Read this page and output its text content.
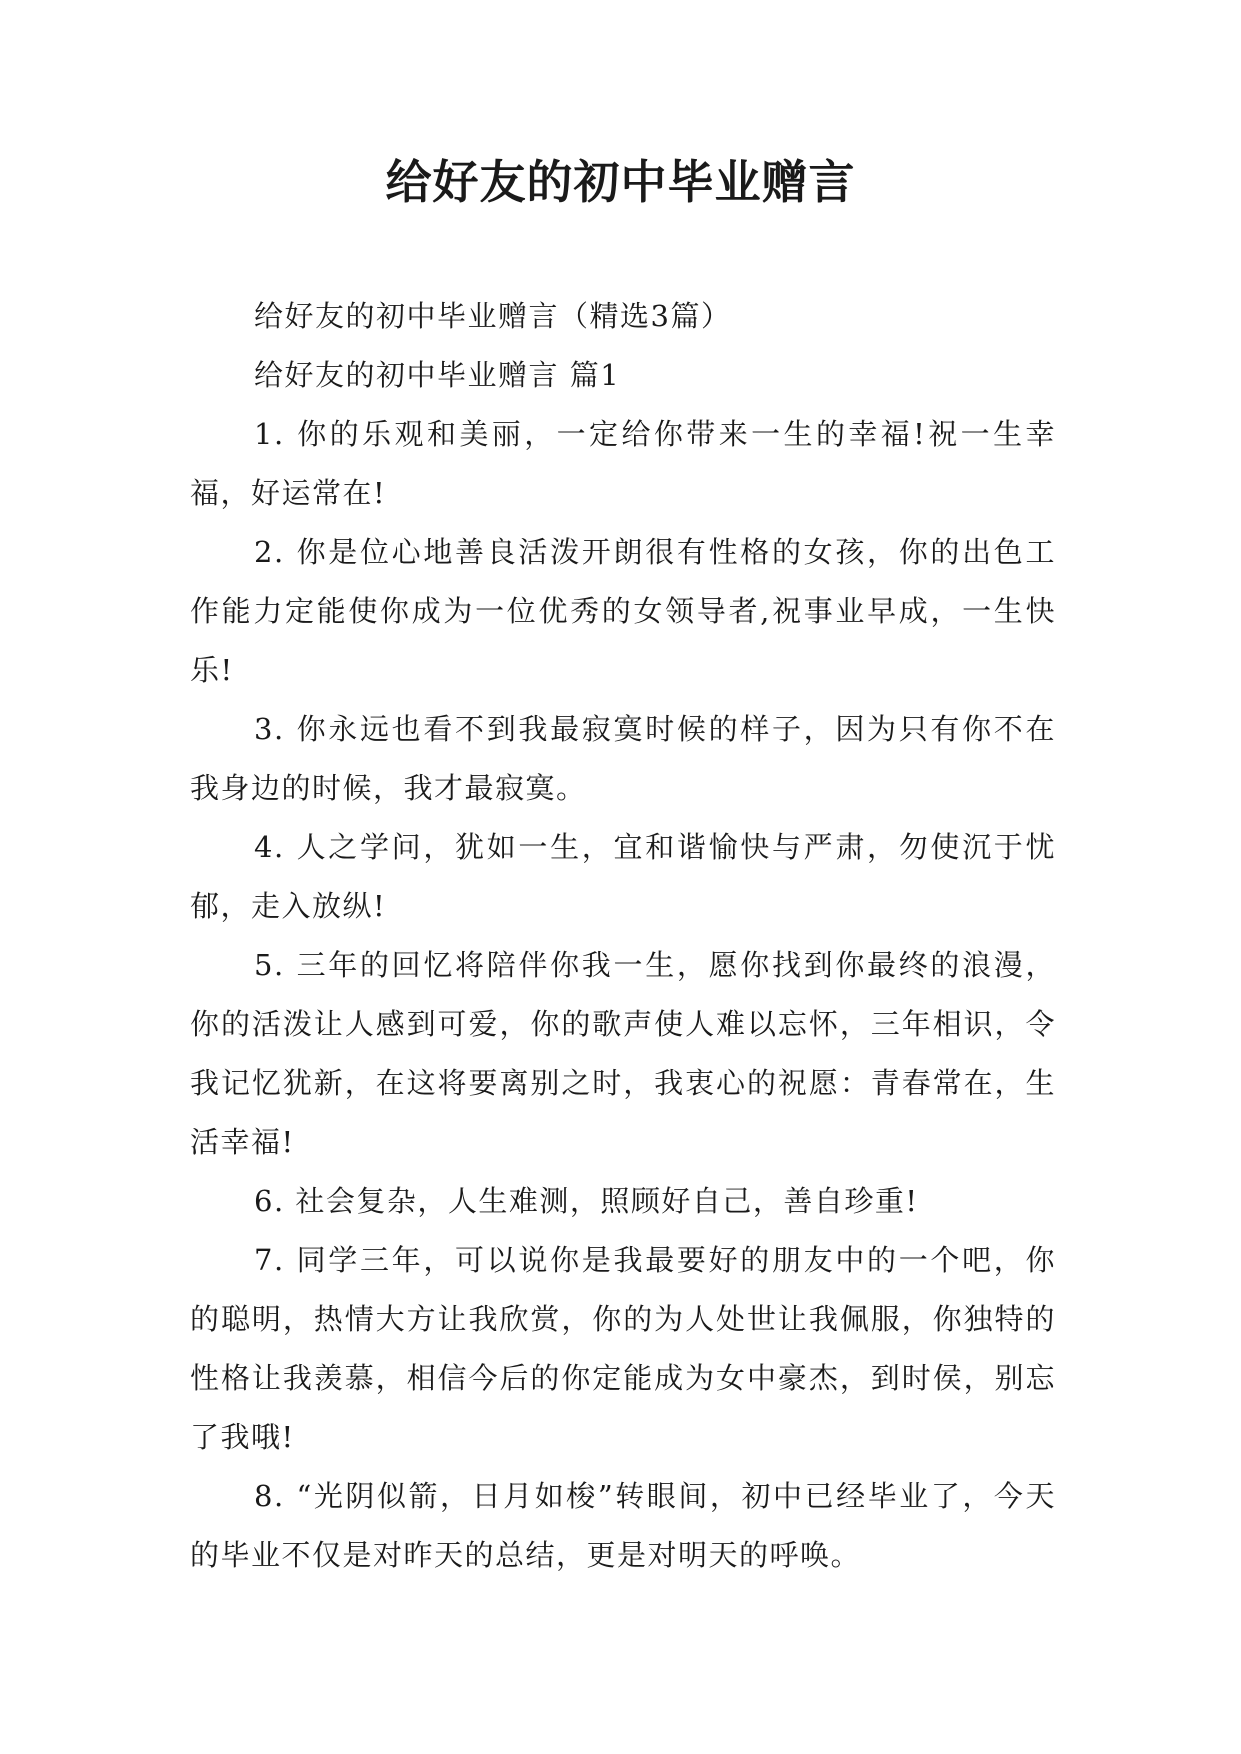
给好友的初中毕业赠言

给好友的初中毕业赠言（精选3篇）

给好友的初中毕业赠言 篇1

1. 你的乐观和美丽，一定给你带来一生的幸福!祝一生幸福，好运常在!

2. 你是位心地善良活泼开朗很有性格的女孩，你的出色工作能力定能使你成为一位优秀的女领导者,祝事业早成，一生快乐!

3. 你永远也看不到我最寂寞时候的样子，因为只有你不在我身边的时候，我才最寂寞。

4. 人之学问，犹如一生，宜和谐愉快与严肃，勿使沉于忧郁，走入放纵!

5. 三年的回忆将陪伴你我一生，愿你找到你最终的浪漫，你的活泼让人感到可爱，你的歌声使人难以忘怀，三年相识，令我记忆犹新，在这将要离别之时，我衷心的祝愿：青春常在，生活幸福!

6. 社会复杂，人生难测，照顾好自己，善自珍重!

7. 同学三年，可以说你是我最要好的朋友中的一个吧，你的聪明，热情大方让我欣赏，你的为人处世让我佩服，你独特的性格让我羡慕，相信今后的你定能成为女中豪杰，到时侯，别忘了我哦!

8. “光阴似箭，日月如梭”转眼间，初中已经毕业了，今天的毕业不仅是对昨天的总结，更是对明天的呼唤。
